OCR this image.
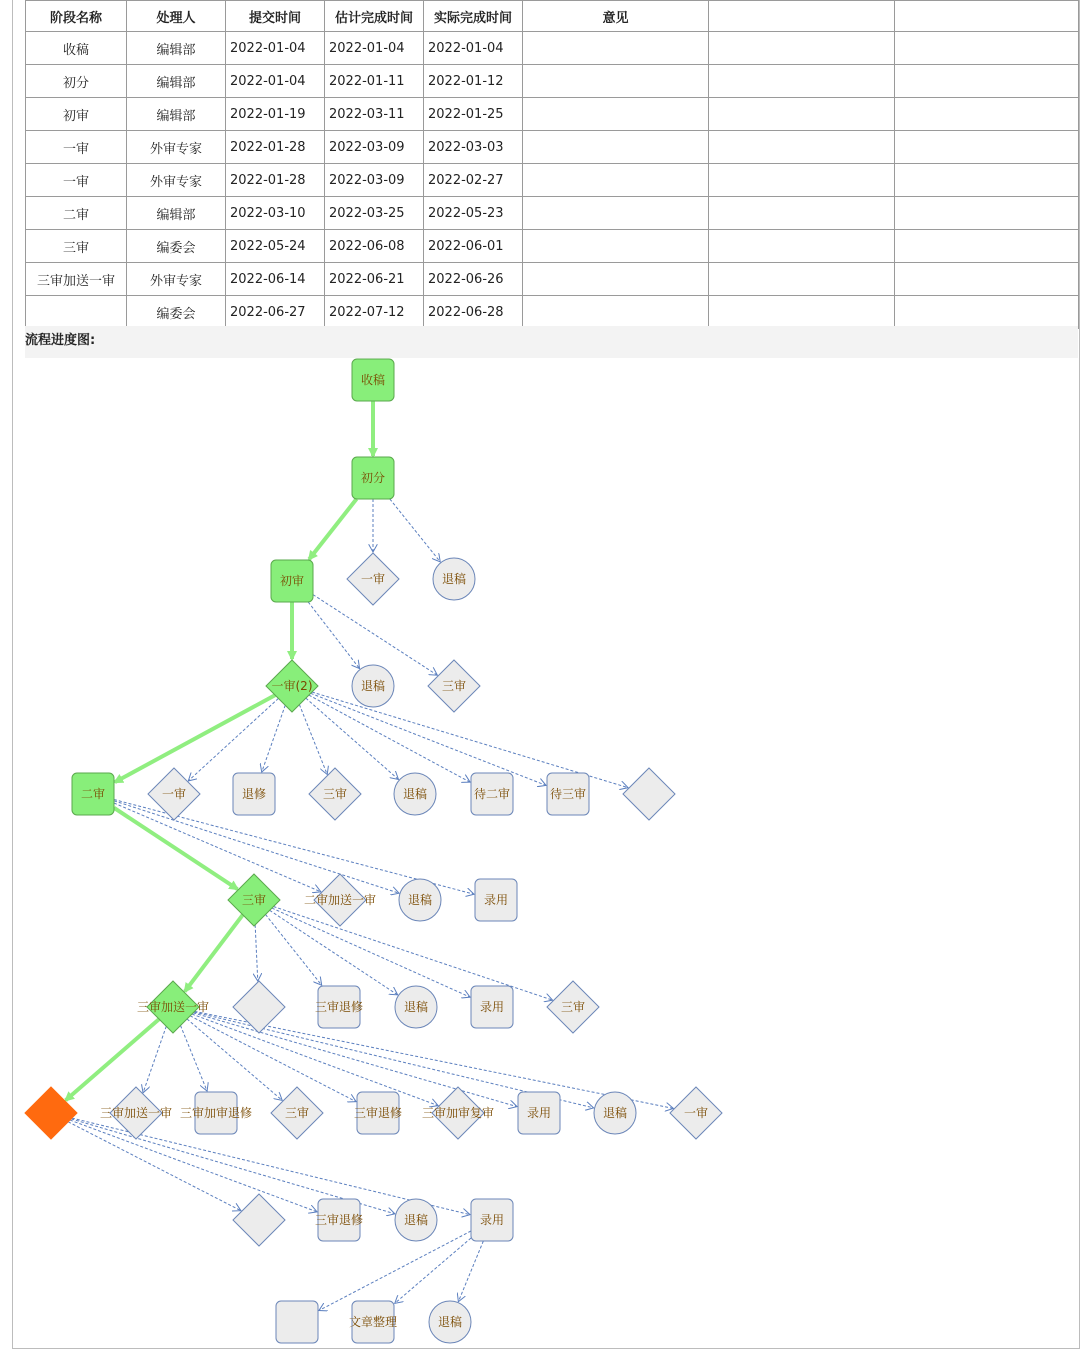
阶段名称	处理人	提交时间	估计完成时间	实际完成时间	意见		
收稿	编辑部	2022-01-04	2022-01-04	2022-01-04			
初分	编辑部	2022-01-04	2022-01-11	2022-01-12			
初审	编辑部	2022-01-19	2022-03-11	2022-01-25			
一审	外审专家	2022-01-28	2022-03-09	2022-03-03			
一审	外审专家	2022-01-28	2022-03-09	2022-02-27			
二审	编辑部	2022-03-10	2022-03-25	2022-05-23			
三审	编委会	2022-05-24	2022-06-08	2022-06-01			
三审加送一审	外审专家	2022-06-14	2022-06-21	2022-06-26			
	编委会	2022-06-27	2022-07-12	2022-06-28			
流程进度图:
收稿
初分
初审	一审	退稿
一审(2)	退稿	三审
二审	一审	退修	三审	退稿	待二审	待三审
三审	二审加送一审	退稿	录用
三审加送一审	三审退修	退稿	录用	三审
三审加送一审 三审加审退修	三审	三审退修 三审加审复审	录用	退稿	一审
三审退修	退稿	录用
文章整理	退稿
